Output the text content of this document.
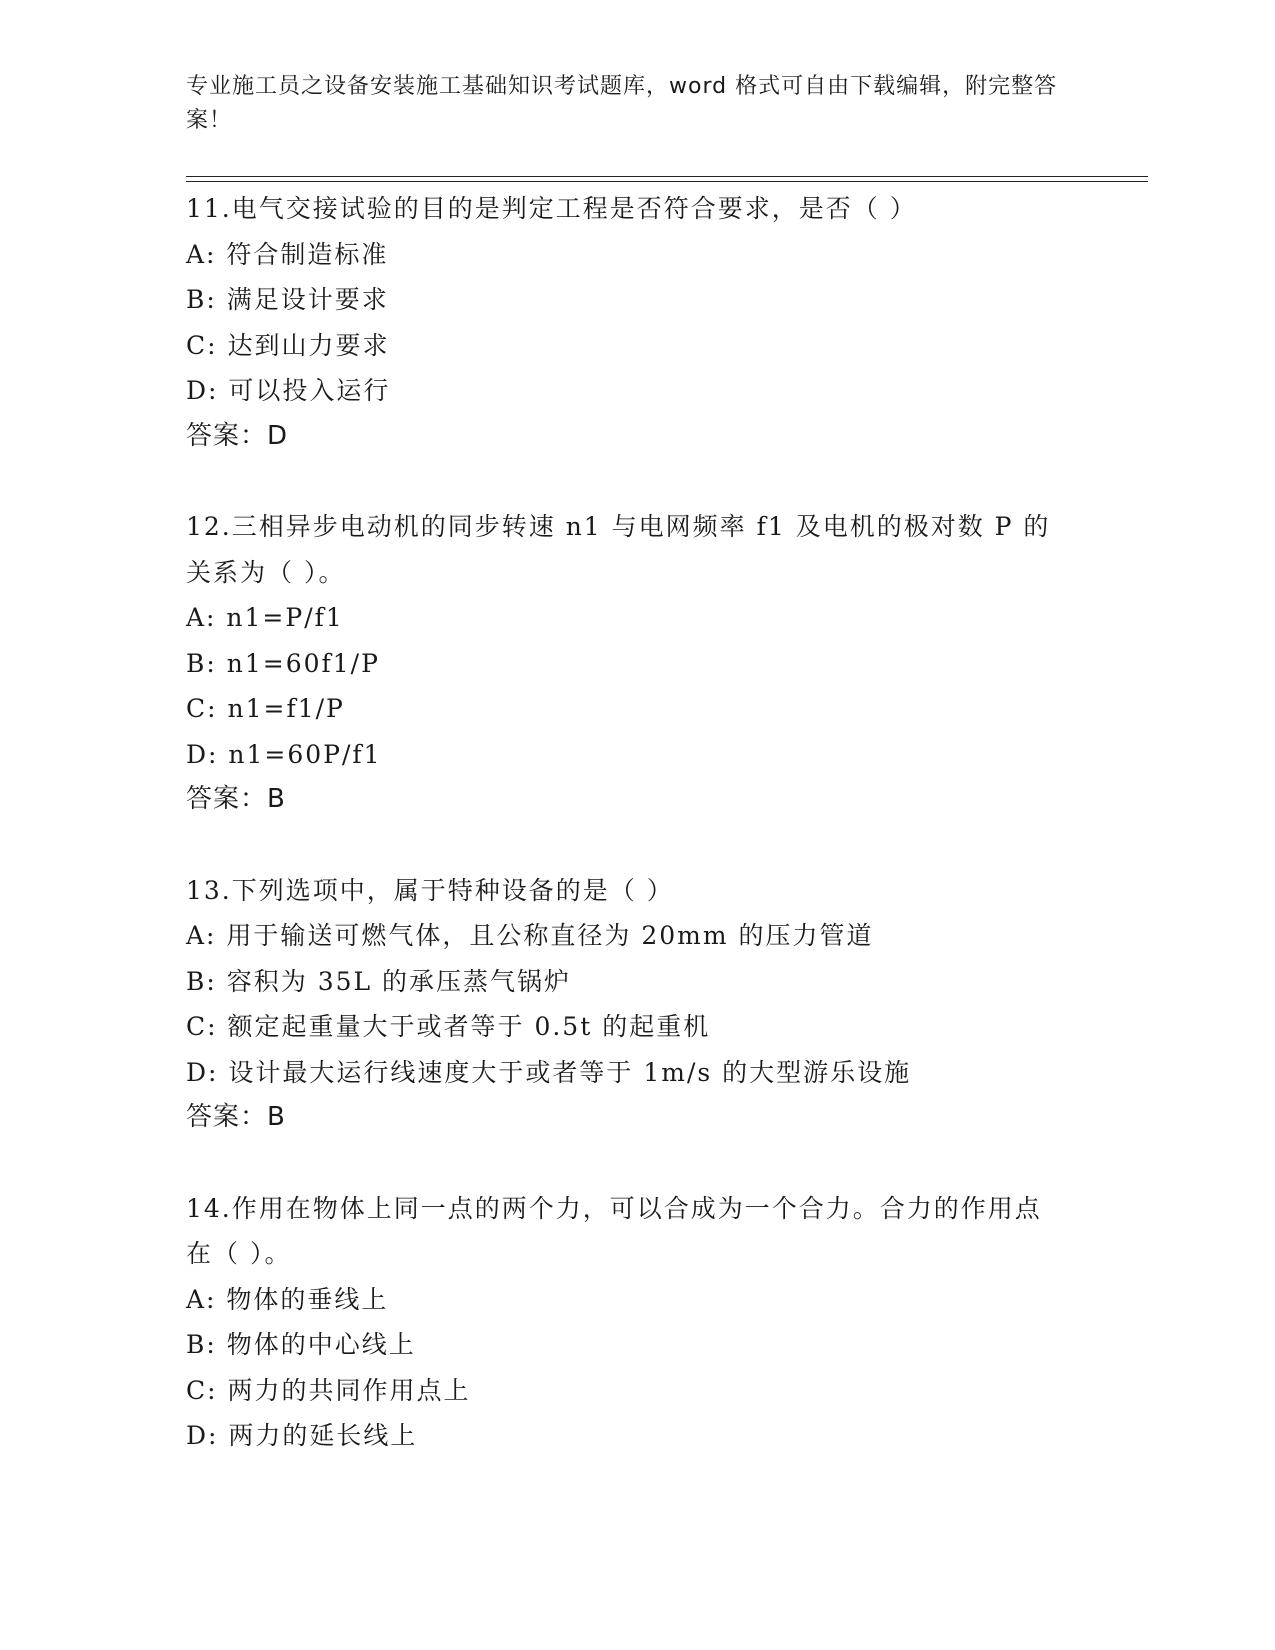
专业施工员之设备安装施工基础知识考试题库，word 格式可自由下载编辑，附完整答案！

11.电气交接试验的目的是判定工程是否符合要求，是否（ ）

A: 符合制造标准

B: 满足设计要求

C: 达到山力要求

D: 可以投入运行

答案：D

12.三相异步电动机的同步转速 n1 与电网频率 f1 及电机的极对数 P 的关系为（ ）。

A: n1=P/f1

B: n1=60f1/P

C: n1=f1/P

D: n1=60P/f1

答案：B

13.下列选项中，属于特种设备的是（ ）

A: 用于输送可燃气体，且公称直径为 20mm 的压力管道

B: 容积为 35L 的承压蒸气锅炉

C: 额定起重量大于或者等于 0.5t 的起重机

D: 设计最大运行线速度大于或者等于 1m/s 的大型游乐设施

答案：B

14.作用在物体上同一点的两个力，可以合成为一个合力。合力的作用点在（ ）。

A: 物体的垂线上

B: 物体的中心线上

C: 两力的共同作用点上

D: 两力的延长线上
